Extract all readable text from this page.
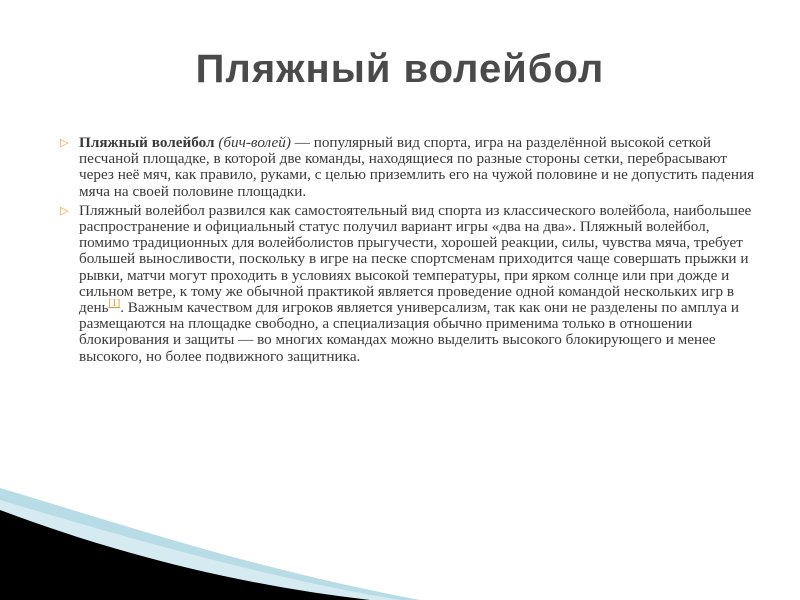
Пляжный волейбол
▷ Пляжный волейбол (бич-волей) — популярный вид спорта, игра на разделённой высокой сеткой песчаной площадке, в которой две команды, находящиеся по разные стороны сетки, перебрасывают через неё мяч, как правило, руками, с целью приземлить его на чужой половине и не допустить падения мяча на своей половине площадки.
▷ Пляжный волейбол развился как самостоятельный вид спорта из классического волейбола, наибольшее распространение и официальный статус получил вариант игры «два на два». Пляжный волейбол, помимо традиционных для волейболистов прыгучести, хорошей реакции, силы, чувства мяча, требует большей выносливости, поскольку в игре на песке спортсменам приходится чаще совершать прыжки и рывки, матчи могут проходить в условиях высокой температуры, при ярком солнце или при дожде и сильном ветре, к тому же обычной практикой является проведение одной командой нескольких игр в день[1]. Важным качеством для игроков является универсализм, так как они не разделены по амплуа и размещаются на площадке свободно, а специализация обычно применима только в отношении блокирования и защиты — во многих командах можно выделить высокого блокирующего и менее высокого, но более подвижного защитника.
